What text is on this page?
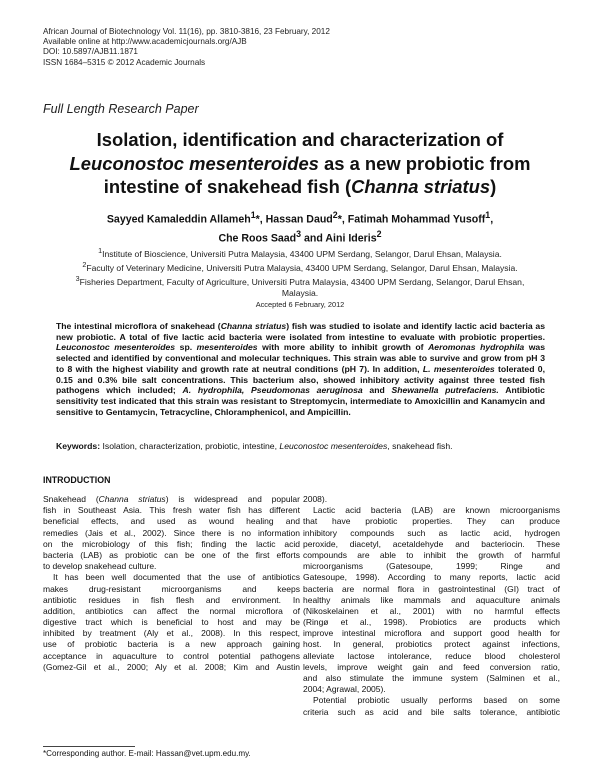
African Journal of Biotechnology Vol. 11(16), pp. 3810-3816, 23 February, 2012
Available online at http://www.academicjournals.org/AJB
DOI: 10.5897/AJB11.1871
ISSN 1684–5315 © 2012 Academic Journals
Full Length Research Paper
Isolation, identification and characterization of
Leuconostoc mesenteroides as a new probiotic from
intestine of snakehead fish (Channa striatus)
Sayyed Kamaleddin Allameh$^1$*, Hassan Daud$^2$*, Fatimah Mohammad Yusoff$^1$,
Che Roos Saad$^3$ and Aini Ideris$^2$
$^1$Institute of Bioscience, Universiti Putra Malaysia, 43400 UPM Serdang, Selangor, Darul Ehsan, Malaysia.
$^2$Faculty of Veterinary Medicine, Universiti Putra Malaysia, 43400 UPM Serdang, Selangor, Darul Ehsan, Malaysia.
$^3$Fisheries Department, Faculty of Agriculture, Universiti Putra Malaysia, 43400 UPM Serdang, Selangor, Darul Ehsan,
Malaysia.
Accepted 6 February, 2012
The intestinal microflora of snakehead (Channa striatus) fish was studied to isolate and identify lactic acid bacteria as new probiotic. A total of five lactic acid bacteria were isolated from intestine to evaluate with probiotic properties. Leuconostoc mesenteroides sp. mesenteroides with more ability to inhibit growth of Aeromonas hydrophila was selected and identified by conventional and molecular techniques. This strain was able to survive and grow from pH 3 to 8 with the highest viability and growth rate at neutral conditions (pH 7). In addition, L. mesenteroides tolerated 0, 0.15 and 0.3% bile salt concentrations. This bacterium also, showed inhibitory activity against three tested fish pathogens which included; A. hydrophila, Pseudomonas aeruginosa and Shewanella putrefaciens. Antibiotic sensitivity test indicated that this strain was resistant to Streptomycin, intermediate to Amoxicillin and Kanamycin and sensitive to Gentamycin, Tetracycline, Chloramphenicol, and Ampicillin.
Keywords: Isolation, characterization, probiotic, intestine, Leuconostoc mesenteroides, snakehead fish.
INTRODUCTION
Snakehead (Channa striatus) is widespread and popular
fish in Southeast Asia. This fresh water fish has different
beneficial effects, and used as wound healing and
remedies (Jais et al., 2002). Since there is no information
on the microbiology of this fish; finding the lactic acid
bacteria (LAB) as probiotic can be one of the first efforts
to develop snakehead culture.
It has been well documented that the use of antibiotics
makes drug-resistant microorganisms and keeps
antibiotic residues in fish flesh and environment. In
addition, antibiotics can affect the normal microflora of
digestive tract which is beneficial to host and may be
inhibited by treatment (Aly et al., 2008). In this respect,
use of probiotic bacteria is a new approach gaining
acceptance in aquaculture to control potential pathogens
(Gomez-Gil et al., 2000; Aly et al. 2008; Kim and Austin
2008).
Lactic acid bacteria (LAB) are known microorganisms
that have probiotic properties. They can produce
inhibitory compounds such as lactic acid, hydrogen
peroxide, diacetyl, acetaldehyde and bacteriocin. These
compounds are able to inhibit the growth of harmful
microorganisms (Gatesoupe, 1999; Ringe and
Gatesoupe, 1998). According to many reports, lactic acid
bacteria are normal flora in gastrointestinal (GI) tract of
healthy animals like mammals and aquaculture animals
(Nikoskelainen et al., 2001) with no harmful effects
(Ringø et al., 1998). Probiotics are products which
improve intestinal microflora and support good health for
host. In general, probiotics protect against infections,
alleviate lactose intolerance, reduce blood cholesterol
levels, improve weight gain and feed conversion ratio,
and also stimulate the immune system (Salminen et al.,
2004; Agrawal, 2005).
Potential probiotic usually performs based on some
criteria such as acid and bile salts tolerance, antibiotic
*Corresponding author. E-mail: Hassan@vet.upm.edu.my.
